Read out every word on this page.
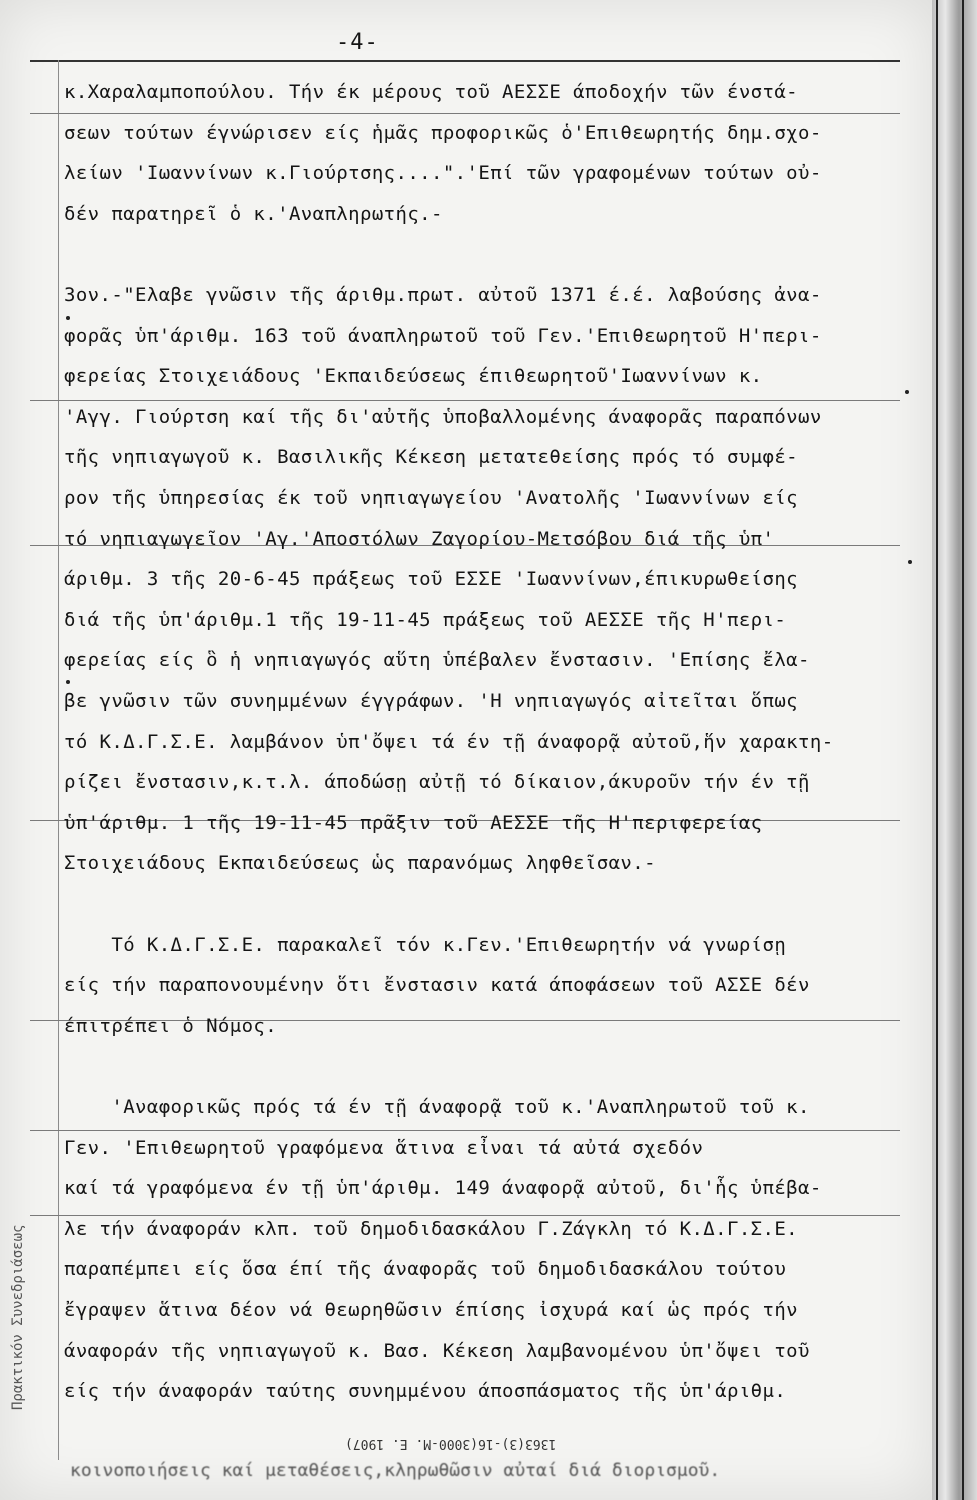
-4-
κ.Χαραλαμποπούλου. Τήν έκ μέρους τοῦ ΑΕΣΣΕ άποδοχήν τῶν ένστά-
σεων τούτων έγνώρισεν είς ἡμᾶς προφορικῶς ὁ'Επιθεωρητής δημ.σχο-
λείων 'Ιωαννίνων κ.Γιούρτσης....".'Επί τῶν γραφομένων τούτων οὐ-
δέν παρατηρεῖ ὁ κ.'Αναπληρωτής.-
3ον.-"Ελαβε γνῶσιν τῆς άριθμ.πρωτ. αὐτοῦ 1371 έ.έ. λαβούσης ἀνα-
φορᾶς ὑπ'άριθμ. 163 τοῦ άναπληρωτοῦ τοῦ Γεν.'Επιθεωρητοῦ Η'περι-
φερείας Στοιχειάδους 'Εκπαιδεύσεως έπιθεωρητοῦ'Ιωαννίνων κ.
'Αγγ. Γιούρτση καί τῆς δι'αὐτῆς ὑποβαλλομένης άναφορᾶς παραπόνων
τῆς νηπιαγωγοῦ κ. Βασιλικῆς Κέκεση μετατεθείσης πρός τό συμφέ-
ρον τῆς ὑπηρεσίας έκ τοῦ νηπιαγωγείου 'Ανατολῆς 'Ιωαννίνων είς
τό νηπιαγωγεῖον 'Αγ.'Αποστόλων Ζαγορίου-Μετσόβου διά τῆς ὑπ'
άριθμ. 3 τῆς 20-6-45 πράξεως τοῦ ΕΣΣΕ 'Ιωαννίνων,έπικυρωθείσης
διά τῆς ὑπ'άριθμ.1 τῆς 19-11-45 πράξεως τοῦ ΑΕΣΣΕ τῆς Η'περι-
φερείας είς ὃ ἡ νηπιαγωγός αὕτη ὑπέβαλεν ἔνστασιν. 'Επίσης ἔλα-
βε γνῶσιν τῶν συνημμένων έγγράφων. 'Η νηπιαγωγός αἰτεῖται ὅπως
τό Κ.Δ.Γ.Σ.Ε. λαμβάνον ὑπ'ὄψει τά έν τῇ άναφορᾷ αὐτοῦ,ἥν χαρακτη-
ρίζει ἔνστασιν,κ.τ.λ. άποδώσῃ αὐτῇ τό δίκαιον,άκυροῦν τήν έν τῇ
ὑπ'άριθμ. 1 τῆς 19-11-45 πρᾶξιν τοῦ ΑΕΣΣΕ τῆς Η'περιφερείας
Στοιχειάδους Εκπαιδεύσεως ὡς παρανόμως ληφθεῖσαν.-
Τό Κ.Δ.Γ.Σ.Ε. παρακαλεῖ τόν κ.Γεν.'Επιθεωρητήν νά γνωρίσῃ
είς τήν παραπονουμένην ὅτι ἔνστασιν κατά άποφάσεων τοῦ ΑΣΣΕ δέν
έπιτρέπει ὁ Νόμος.
'Αναφορικῶς πρός τά έν τῇ άναφορᾷ τοῦ κ.'Αναπληρωτοῦ τοῦ κ.
Γεν. 'Επιθεωρητοῦ γραφόμενα ἅτινα εἶναι τά αὐτά σχεδόν
καί τά γραφόμενα έν τῇ ὑπ'άριθμ. 149 άναφορᾷ αὐτοῦ, δι'ἧς ὑπέβα-
λε τήν άναφοράν κλπ. τοῦ δημοδιδασκάλου Γ.Ζάγκλη τό Κ.Δ.Γ.Σ.Ε.
παραπέμπει είς ὅσα έπί τῆς άναφορᾶς τοῦ δημοδιδασκάλου τούτου
ἔγραψεν ἅτινα δέον νά θεωρηθῶσιν έπίσης ἰσχυρά καί ὡς πρός τήν
άναφοράν τῆς νηπιαγωγοῦ κ. Βασ. Κέκεση λαμβανομένου ὑπ'ὄψει τοῦ
είς τήν άναφοράν ταύτης συνημμένου άποσπάσματος τῆς ὑπ'άριθμ.
Πρακτικόν Συνεδριάσεως
1363(3)-16(3000-M. E. 1907)
κοινοποιήσεις καί μεταθέσεις,κληρωθῶσιν αὐταί διά διορισμοῦ.
